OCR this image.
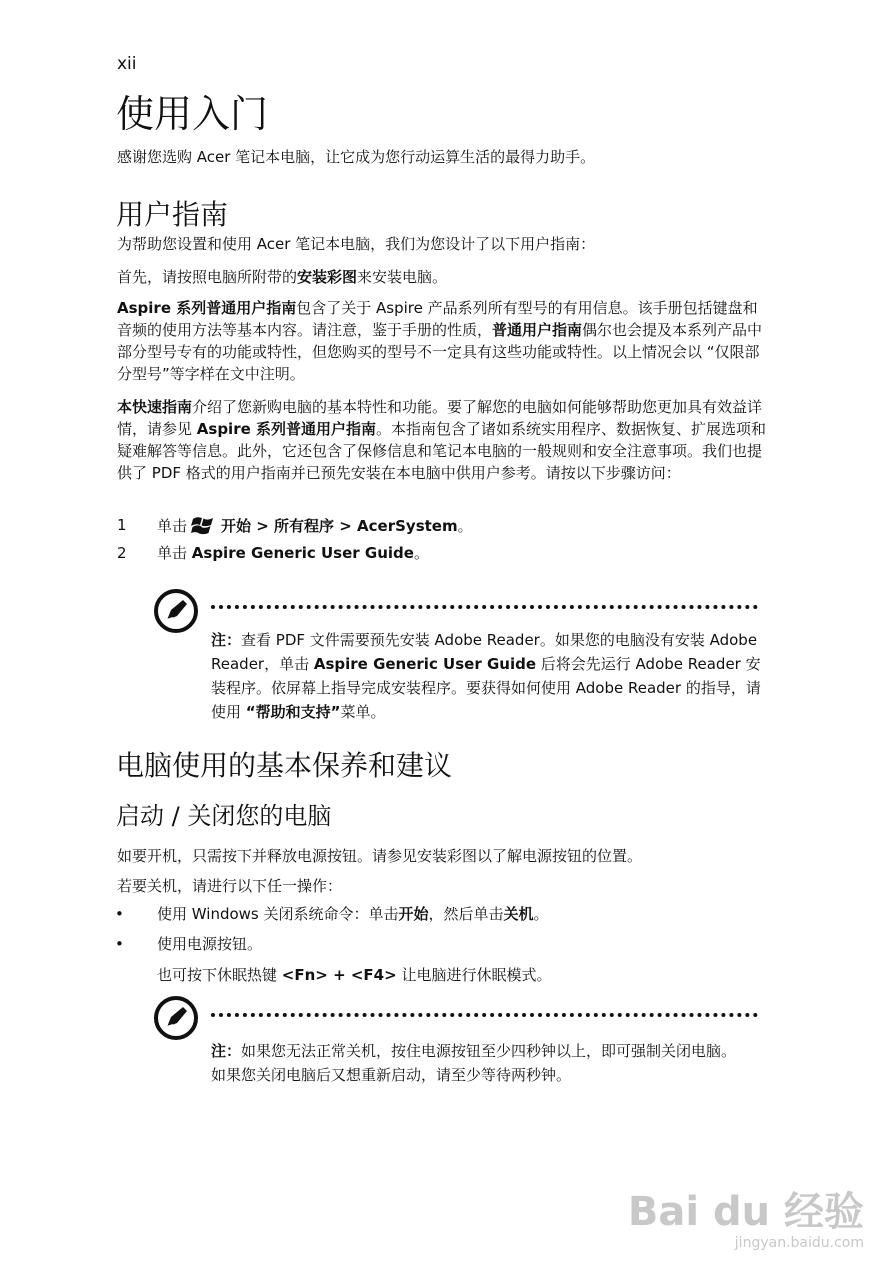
xii
使用入门
感谢您选购 Acer 笔记本电脑，让它成为您行动运算生活的最得力助手。
用户指南
为帮助您设置和使用 Acer 笔记本电脑，我们为您设计了以下用户指南：
首先，请按照电脑所附带的安装彩图来安装电脑。
Aspire 系列普通用户指南包含了关于 Aspire 产品系列所有型号的有用信息。该手册包括键盘和音频的使用方法等基本内容。请注意，鉴于手册的性质，普通用户指南偶尔也会提及本系列产品中部分型号专有的功能或特性，但您购买的型号不一定具有这些功能或特性。以上情况会以 “仅限部分型号”等字样在文中注明。
本快速指南介绍了您新购电脑的基本特性和功能。要了解您的电脑如何能够帮助您更加具有效益详情，请参见 Aspire 系列普通用户指南。本指南包含了诸如系统实用程序、数据恢复、扩展选项和疑难解答等信息。此外，它还包含了保修信息和笔记本电脑的一般规则和安全注意事项。我们也提供了 PDF 格式的用户指南并已预先安装在本电脑中供用户参考。请按以下步骤访问：
1 单击 开始 > 所有程序 > AcerSystem。
2 单击 Aspire Generic User Guide。
注：查看 PDF 文件需要预先安装 Adobe Reader。如果您的电脑没有安装 Adobe Reader，单击 Aspire Generic User Guide 后将会先运行 Adobe Reader 安装程序。依屏幕上指导完成安装程序。要获得如何使用 Adobe Reader 的指导，请使用 “帮助和支持”菜单。
电脑使用的基本保养和建议
启动 / 关闭您的电脑
如要开机，只需按下并释放电源按钮。请参见安装彩图以了解电源按钮的位置。
若要关机，请进行以下任一操作：
• 使用 Windows 关闭系统命令：单击开始，然后单击关机。
• 使用电源按钮。
也可按下休眠热键 <Fn> + <F4> 让电脑进行休眠模式。
注：如果您无法正常关机，按住电源按钮至少四秒钟以上，即可强制关闭电脑。如果您关闭电脑后又想重新启动，请至少等待两秒钟。
Bai du 经验
jingyan.baidu.com
